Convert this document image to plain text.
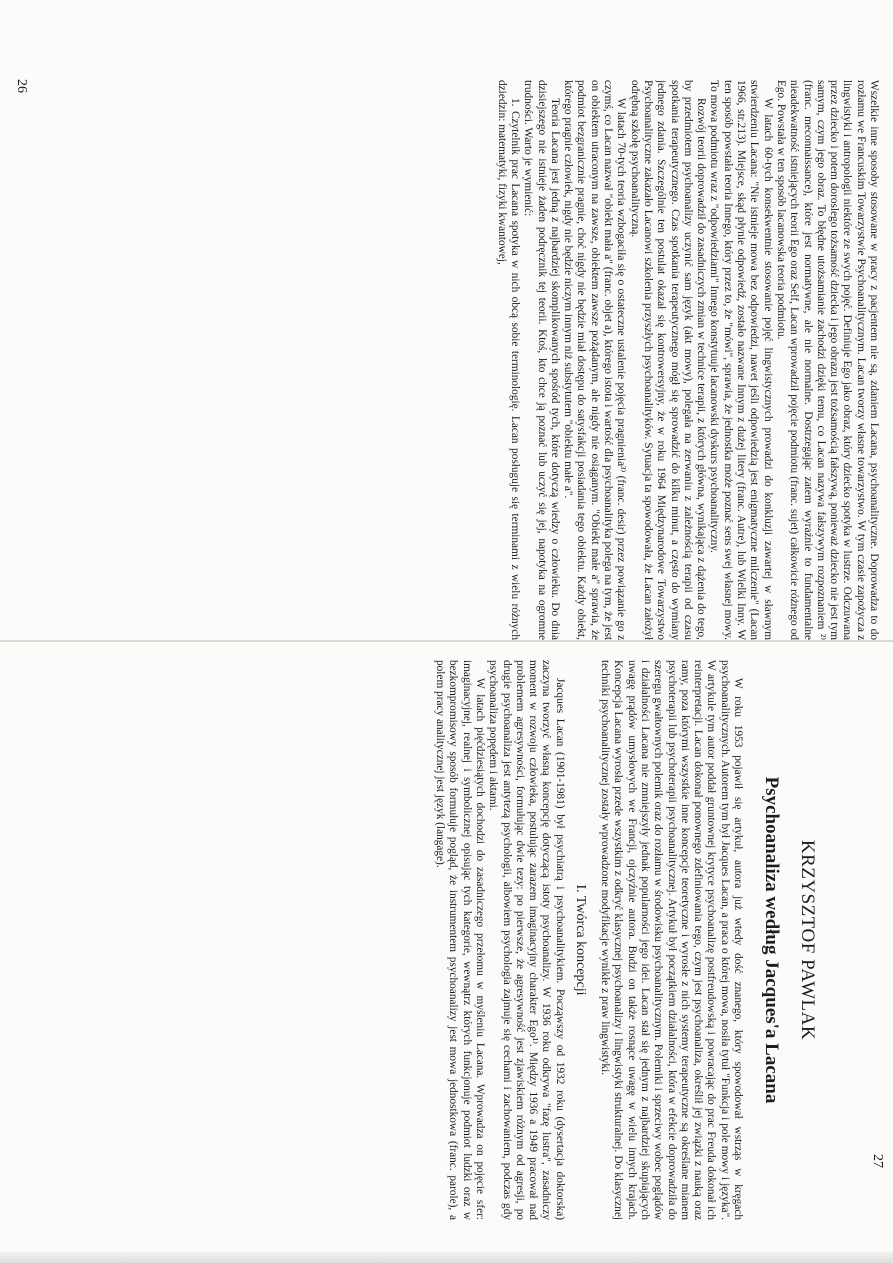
Wszelkie inne sposoby stosowane w pracy z pacjentem nie są, zdaniem Lacana, psychoanalityczne. Doprowadza to do rozłamu we Francuskim Towarzystwie Psychoanalitycznym. Lacan tworzy własne towarzystwo. W tym czasie zapożycza z lingwistyki i antropologii niektóre ze swych pojęć. Definiuje Ego jako obraz, który dziecko spotyka w lustrze. Odczuwana przez dziecko i potem doroslego tożsamość dziecka i jego obrazu jest tożsamością fałszywą, ponieważ dziecko nie jest tym samym, czym jego obraz. To błędne utożsamianie zachodzi dzięki temu, co Lacan nazywa fałszywym rozpoznaniem ²⁾ (franc. meconnaissance), które jest normatywne, ale nie normalne. Dostrzegając zatem wyraźnie to fundamentalne nieadekwatność istniejących teorii Ego oraz Self, Lacan wprowadził pojęcie podmiotu (franc. sujet) całkowicie różnego od Ego. Powstała w ten sposób lacanowska teoria podmiotu.

W latach 60-tych konsekwentnie stosowanie pojęć lingwistycznych prowadzi do konkluzji zawartej w sławnym stwierdzeniu Lacana: "Nie istnieje mowa bez odpowiedzi, nawet jeśli odpowiedzią jest enigmatyczne milczenie" (Lacan 1966, str.213). Miejsce, skąd płynie odpowiedź, zostało nazwane Innym z dużej litery (franc. Autre), lub Wielki Inny. W ten sposób powstała teoria Innego, który przez to, że "mówi", sprawia, że jednostka może poznać sens swej własnej mowy. To mowa podmiotu wraz z "odpowiedziami" Innego konstytuuje lacanowski dyskurs psychoanalityczny.

Rozwój teorii doprowadził do zasadniczych zmian w technice terapii, z których główna, wynikająca z dążenia do tego, by przedmiotem psychoanalizy uczynić sam język (akt mowy), polegała na zerwaniu z zależnością terapii od czasu spotkania terapeutycznego. Czas spotkania terapeutycznego mógł się sprowadzić do kilku minut, a często do wymiany jednego zdania. Szczególnie ten postulat okazał się kontrowersyjny, że w roku 1964 Międzynarodowe Towarzystwo Psychoanalityczne zakazało Lacanowi szkolenia przyszłych psychoanalityków. Sytuacja ta spowodowała, że Lacan założył odrębną szkołę psychoanalityczną.

W latach 70-tych teoria wzbogaciła się o ostateczne ustalenie pojęcia pragnienia³⁾ (franc. desir) przez powiązanie go z czymś, co Lacan nazwał "obiekt mała a" (franc. objet a), którego istota i wartość dla psychoanalityka polega na tym, że jest on obiektem utraconym na zawsze, obiektem zawsze pożądanym, ale nigdy nie osiąganym. "Obiekt małe a" sprawia, że podmiot bezgranicznie pragnie, choć nigdy nie będzie miał dostępu do satysfakcji posiadania tego obiektu. Każdy obiekt, którego pragnie człowiek, nigdy nie będzie niczym innym niż substytutem "obiektu małe a".

Teoria Lacana jest jedną z najbardziej skomplikowanych spośród tych, które dotyczą wiedzy o człowieku. Do dnia dzisiejszego nie istnieje żaden podręcznik tej teorii. Ktoś, kto chce ją poznać lub uczyć się jej, napotyka na ogromne trudności. Warto je wymienić:

1. Czytelnik prac Lacana spotyka w nich obcą sobie terminologię. Lacan posługuje się terminami z wielu różnych dziedzin: matematyki, fizyki kwantowej,

KRZYSZTOF PAWLAK
Psychoanaliza według Jacques'a Lacana

W roku 1953 pojawił się artykuł, autora już wtedy dość znanego, który spowodował wstrząs w kręgach psychoanalitycznych. Autorem tym był Jacques Lacan, a praca o której mowa, nosiła tytuł "Funkcja i pole mowy i języka". W artykule tym autor poddał gruntownej krytyce psychoanalizę postfreudowską i powracając do prac Freuda dokonał ich reinterpretacji. Lacan dokonał ponownego zdefiniowania tego, czym jest psychoanaliza, określił jej związki z nauką oraz ramy, poza którymi wszystkie inne koncepcje teoretyczne i wyrosłe z nich systemy terapeutyczne są określane mianem psychoterapii lub psychoterapii psychoanalitycznej. Artykuł był początkiem działalności, która w efekcie doprowadziła do szeregu gwałtownych polemik oraz do rozłamu w środowisku psychoanalitycznym. Polemiki i sprzeciwy wobec poglądów i działalności Lacana nie zmniejszyły jednak popularności jego idei. Lacan stał się jednym z najbardziej skupiających uwagę prądów umysłowych we Francji, ojczyźnie autora. Budzi on także rosnące uwagę w wielu innych krajach. Koncepcja Lacana wyrosła przede wszystkim z odkryć klasycznej psychoanalizy i lingwistyki strukturalnej. Do klasycznej techniki psychoanalitycznej zostały wprowadzone modyfikacje wynikłe z praw lingwistyki.

I. Twórca koncepcji

Jacques Lacan (1901-1981) był psychiatrą i psychoanalitykiem. Począwszy od 1932 roku (dysertacja doktorska) zaczyna tworzyć własną koncepcję dotyczącą istoty psychoanalizy. W 1936 roku odkrywa "fazę lustra", zasadniczy moment w rozwoju człowieka, postulując zarazem imaginacyjny charakter Ego¹⁾. Między 1936 a 1949 pracował nad problemem agresywności, formułując dwie tezy: po pierwsze, że agresywność jest zjawiskiem różnym od agresji, po drugie psychoanaliza jest antytezą psychologii, albowiem psychologia zajmuje się cechami i zachowaniem, podczas gdy psychoanaliza popędem i aktami.

W latach pięćdziesiątych dochodzi do zasadniczego przełomu w myśleniu Lacana. Wprowadza on pojęcie sfer: imaginacyjnej, realnej i symbolicznej opisując tych kategorie, wewnątrz których funkcjonuje podmiot ludzki oraz w bezkompromisowy sposób formułuje pogląd, że instrumentem psychoanalizy jest mowa jednostkowa (franc. parole), a polem pracy analitycznej jest język (langage).

26
27
